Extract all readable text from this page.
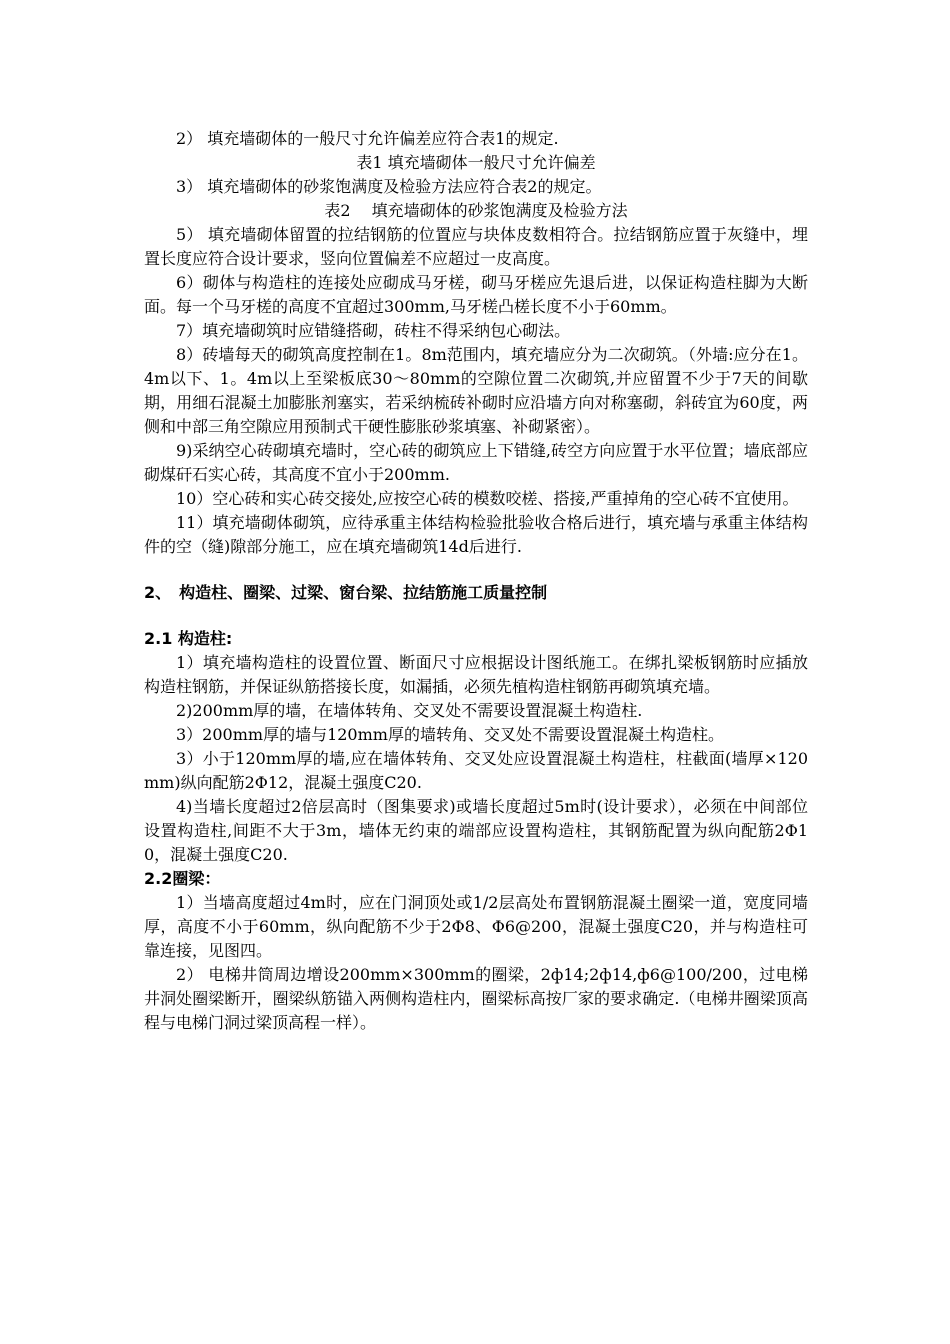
2） 填充墙砌体的一般尺寸允许偏差应符合表1的规定.

表1 填充墙砌体一般尺寸允许偏差

3） 填充墙砌体的砂浆饱满度及检验方法应符合表2的规定。

表2　 填充墙砌体的砂浆饱满度及检验方法

5） 填充墙砌体留置的拉结钢筋的位置应与块体皮数相符合。拉结钢筋应置于灰缝中，埋置长度应符合设计要求，竖向位置偏差不应超过一皮高度。

6）砌体与构造柱的连接处应砌成马牙槎，砌马牙槎应先退后进，以保证构造柱脚为大断面。每一个马牙槎的高度不宜超过300mm,马牙槎凸槎长度不小于60mm。

7）填充墙砌筑时应错缝搭砌，砖柱不得采纳包心砌法。

8）砖墙每天的砌筑高度控制在1。8m范围内，填充墙应分为二次砌筑。（外墙:应分在1。4m以下、1。4m以上至梁板底30～80mm的空隙位置二次砌筑,并应留置不少于7天的间歇期，用细石混凝土加膨胀剂塞实，若采纳梳砖补砌时应沿墙方向对称塞砌，斜砖宜为60度，两侧和中部三角空隙应用预制式干硬性膨胀砂浆填塞、补砌紧密）。

9)采纳空心砖砌填充墙时，空心砖的砌筑应上下错缝,砖空方向应置于水平位置；墙底部应砌煤矸石实心砖，其高度不宜小于200mm.

10）空心砖和实心砖交接处,应按空心砖的模数咬槎、搭接,严重掉角的空心砖不宜使用。

11）填充墙砌体砌筑，应待承重主体结构检验批验收合格后进行，填充墙与承重主体结构件的空（缝)隙部分施工，应在填充墙砌筑14d后进行.

2、　构造柱、圈梁、过梁、窗台梁、拉结筋施工质量控制

2.1 构造柱:

1）填充墙构造柱的设置位置、断面尺寸应根据设计图纸施工。在绑扎梁板钢筋时应插放构造柱钢筋，并保证纵筋搭接长度，如漏插，必须先植构造柱钢筋再砌筑填充墙。

2)200mm厚的墙，在墙体转角、交叉处不需要设置混凝土构造柱.

3）200mm厚的墙与120mm厚的墙转角、交叉处不需要设置混凝土构造柱。

3）小于120mm厚的墙,应在墙体转角、交叉处应设置混凝土构造柱，柱截面(墙厚×120mm)纵向配筋2Φ12，混凝土强度C20.

4)当墙长度超过2倍层高时（图集要求)或墙长度超过5m时(设计要求），必须在中间部位设置构造柱,间距不大于3m，墙体无约束的端部应设置构造柱，其钢筋配置为纵向配筋2Φ10，混凝土强度C20.

2.2圈梁：

1）当墙高度超过4m时，应在门洞顶处或1/2层高处布置钢筋混凝土圈梁一道，宽度同墙厚，高度不小于60mm，纵向配筋不少于2Φ8、Φ6@200，混凝土强度C20，并与构造柱可靠连接，见图四。

2） 电梯井筒周边增设200mm×300mm的圈梁，2ф14;2ф14,ф6@100/200，过电梯井洞处圈梁断开，圈梁纵筋锚入两侧构造柱内，圈梁标高按厂家的要求确定.（电梯井圈梁顶高程与电梯门洞过梁顶高程一样）。
